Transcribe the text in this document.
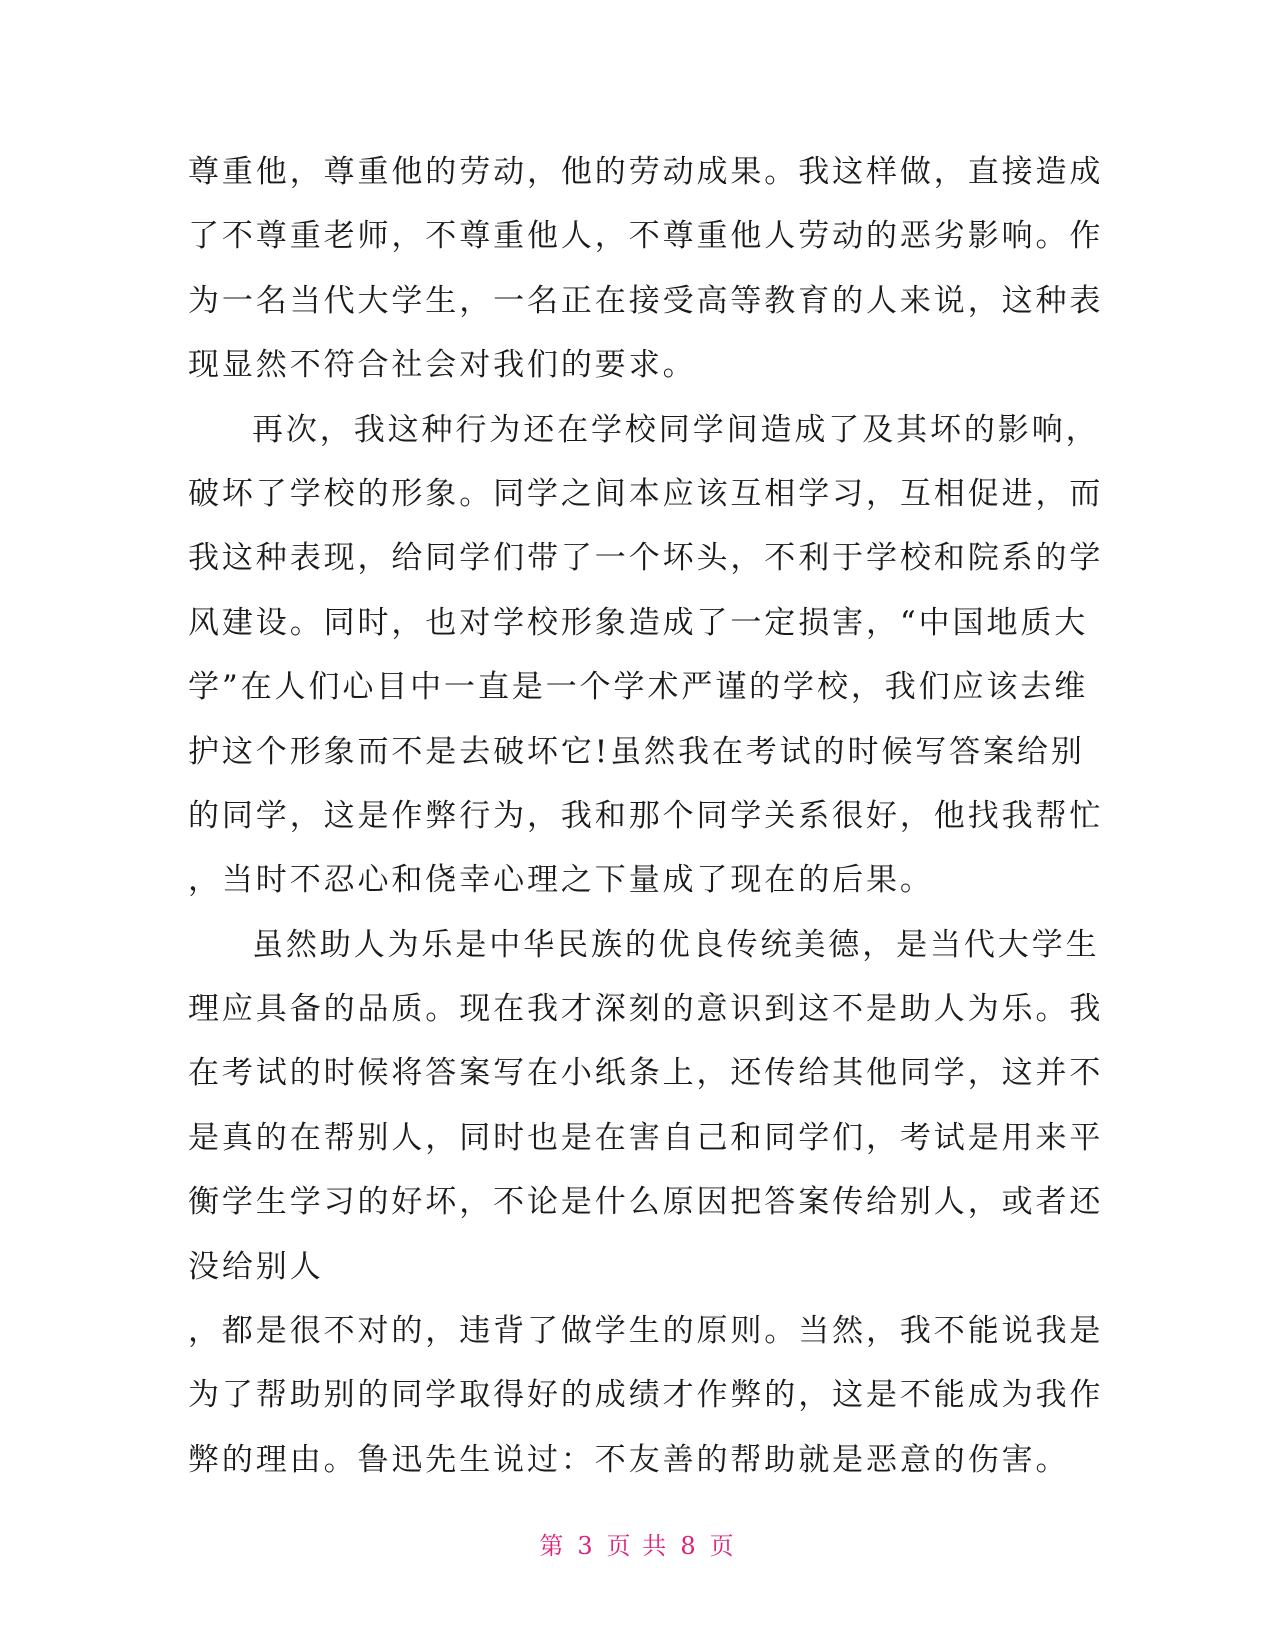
尊重他，尊重他的劳动，他的劳动成果。我这样做，直接造成
了不尊重老师，不尊重他人，不尊重他人劳动的恶劣影响。作
为一名当代大学生，一名正在接受高等教育的人来说，这种表
现显然不符合社会对我们的要求。
再次，我这种行为还在学校同学间造成了及其坏的影响，
破坏了学校的形象。同学之间本应该互相学习，互相促进，而
我这种表现，给同学们带了一个坏头，不利于学校和院系的学
风建设。同时，也对学校形象造成了一定损害，“中国地质大
学”在人们心目中一直是一个学术严谨的学校，我们应该去维
护这个形象而不是去破坏它!虽然我在考试的时候写答案给别
的同学，这是作弊行为，我和那个同学关系很好，他找我帮忙
，当时不忍心和侥幸心理之下量成了现在的后果。
虽然助人为乐是中华民族的优良传统美德，是当代大学生
理应具备的品质。现在我才深刻的意识到这不是助人为乐。我
在考试的时候将答案写在小纸条上，还传给其他同学，这并不
是真的在帮别人，同时也是在害自己和同学们，考试是用来平
衡学生学习的好坏，不论是什么原因把答案传给别人，或者还
没给别人
，都是很不对的，违背了做学生的原则。当然，我不能说我是
为了帮助别的同学取得好的成绩才作弊的，这是不能成为我作
弊的理由。鲁迅先生说过：不友善的帮助就是恶意的伤害。
第 3 页 共 8 页
